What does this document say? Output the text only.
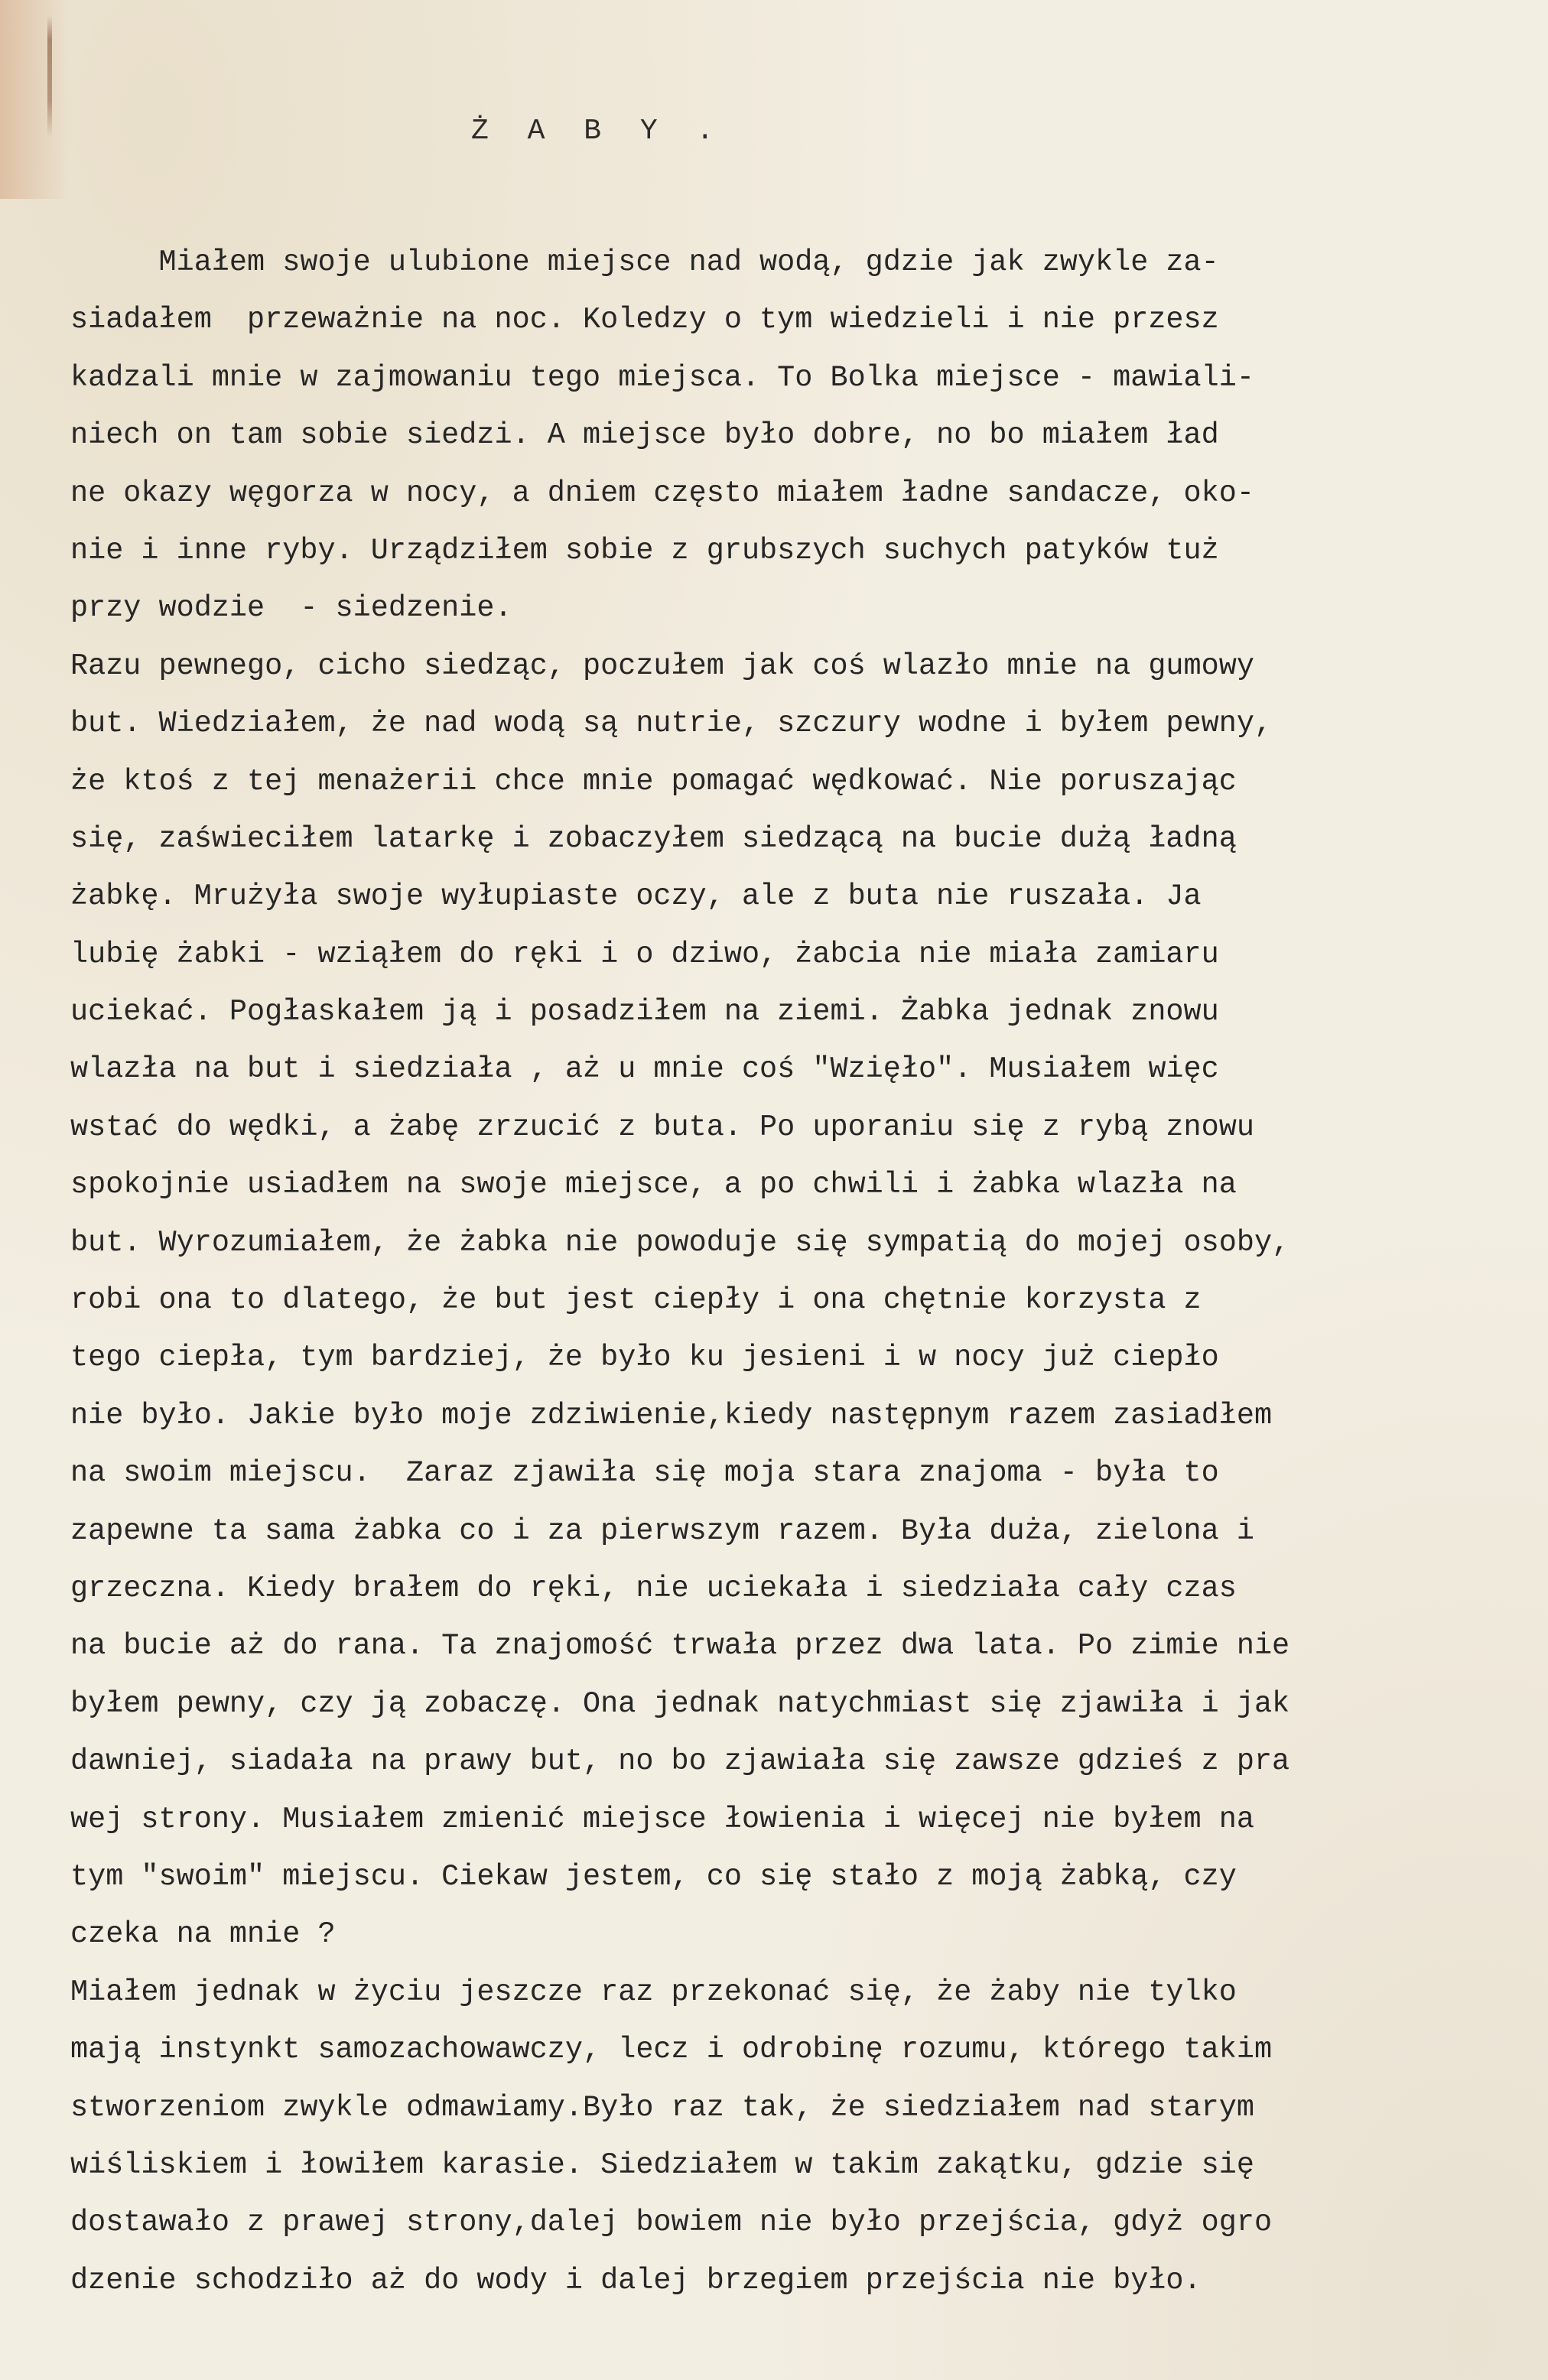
Ż A B Y .
Miałem swoje ulubione miejsce nad wodą, gdzie jak zwykle za-
siadałem  przeważnie na noc. Koledzy o tym wiedzieli i nie przesz
kadzali mnie w zajmowaniu tego miejsca. To Bolka miejsce - mawiali-
niech on tam sobie siedzi. A miejsce było dobre, no bo miałem ład
ne okazy węgorza w nocy, a dniem często miałem ładne sandacze, oko-
nie i inne ryby. Urządziłem sobie z grubszych suchych patyków tuż
przy wodzie  - siedzenie.
Razu pewnego, cicho siedząc, poczułem jak coś wlazło mnie na gumowy
but. Wiedziałem, że nad wodą są nutrie, szczury wodne i byłem pewny,
że ktoś z tej menażerii chce mnie pomagać wędkować. Nie poruszając
się, zaświeciłem latarkę i zobaczyłem siedzącą na bucie dużą ładną
żabkę. Mrużyła swoje wyłupiaste oczy, ale z buta nie ruszała. Ja
lubię żabki - wziąłem do ręki i o dziwo, żabcia nie miała zamiaru
uciekać. Pogłaskałem ją i posadziłem na ziemi. Żabka jednak znowu
wlazła na but i siedziała , aż u mnie coś "Wzięło". Musiałem więc
wstać do wędki, a żabę zrzucić z buta. Po uporaniu się z rybą znowu
spokojnie usiadłem na swoje miejsce, a po chwili i żabka wlazła na
but. Wyrozumiałem, że żabka nie powoduje się sympatią do mojej osoby,
robi ona to dlatego, że but jest ciepły i ona chętnie korzysta z
tego ciepła, tym bardziej, że było ku jesieni i w nocy już ciepło
nie było. Jakie było moje zdziwienie,kiedy następnym razem zasiadłem
na swoim miejscu.  Zaraz zjawiła się moja stara znajoma - była to
zapewne ta sama żabka co i za pierwszym razem. Była duża, zielona i
grzeczna. Kiedy brałem do ręki, nie uciekała i siedziała cały czas
na bucie aż do rana. Ta znajomość trwała przez dwa lata. Po zimie nie
byłem pewny, czy ją zobaczę. Ona jednak natychmiast się zjawiła i jak
dawniej, siadała na prawy but, no bo zjawiała się zawsze gdzieś z pra
wej strony. Musiałem zmienić miejsce łowienia i więcej nie byłem na
tym "swoim" miejscu. Ciekaw jestem, co się stało z moją żabką, czy
czeka na mnie ?
Miałem jednak w życiu jeszcze raz przekonać się, że żaby nie tylko
mają instynkt samozachowawczy, lecz i odrobinę rozumu, którego takim
stworzeniom zwykle odmawiamy.Było raz tak, że siedziałem nad starym
wiśliskiem i łowiłem karasie. Siedziałem w takim zakątku, gdzie się
dostawało z prawej strony,dalej bowiem nie było przejścia, gdyż ogro
dzenie schodziło aż do wody i dalej brzegiem przejścia nie było.
